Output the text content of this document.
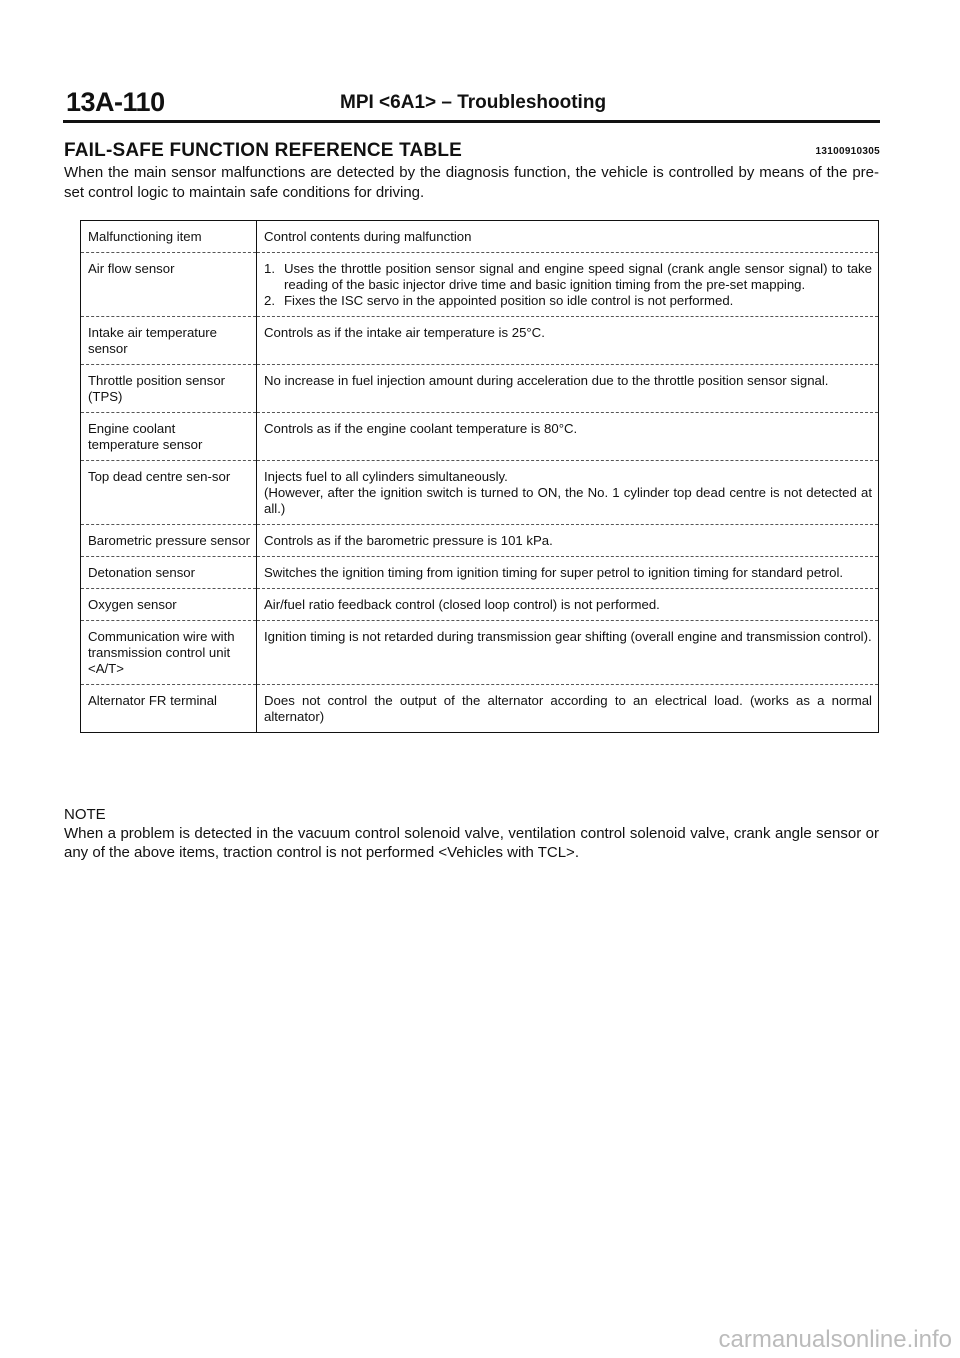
13A-110	MPI <6A1> – Troubleshooting
FAIL-SAFE FUNCTION REFERENCE TABLE	13100910305

When the main sensor malfunctions are detected by the diagnosis function, the vehicle is controlled by means of the pre-set control logic to maintain safe conditions for driving.

Malfunctioning item	Control contents during malfunction
Air flow sensor	1. Uses the throttle position sensor signal and engine speed signal (crank angle sensor signal) to take reading of the basic injector drive time and basic ignition timing from the pre-set mapping.
2. Fixes the ISC servo in the appointed position so idle control is not performed.

Intake air temperature sensor	Controls as if the intake air temperature is 25°C.
Throttle position sensor (TPS)	No increase in fuel injection amount during acceleration due to the throttle position sensor signal.
Engine coolant temperature sensor	Controls as if the engine coolant temperature is 80°C.
Top dead centre sen-sor	Injects fuel to all cylinders simultaneously.
(However, after the ignition switch is turned to ON, the No. 1 cylinder top dead centre is not detected at all.)
Barometric pressure sensor	Controls as if the barometric pressure is 101 kPa.
Detonation sensor	Switches the ignition timing from ignition timing for super petrol to ignition timing for standard petrol.
Oxygen sensor	Air/fuel ratio feedback control (closed loop control) is not performed.
Communication wire with transmission control unit <A/T>	Ignition timing is not retarded during transmission gear shifting (overall engine and transmission control).
Alternator FR terminal	Does not control the output of the alternator according to an electrical load. (works as a normal alternator)
NOTE

When a problem is detected in the vacuum control solenoid valve, ventilation control solenoid valve, crank angle sensor or any of the above items, traction control is not performed <Vehicles with TCL>.

carmanualsonline.info
